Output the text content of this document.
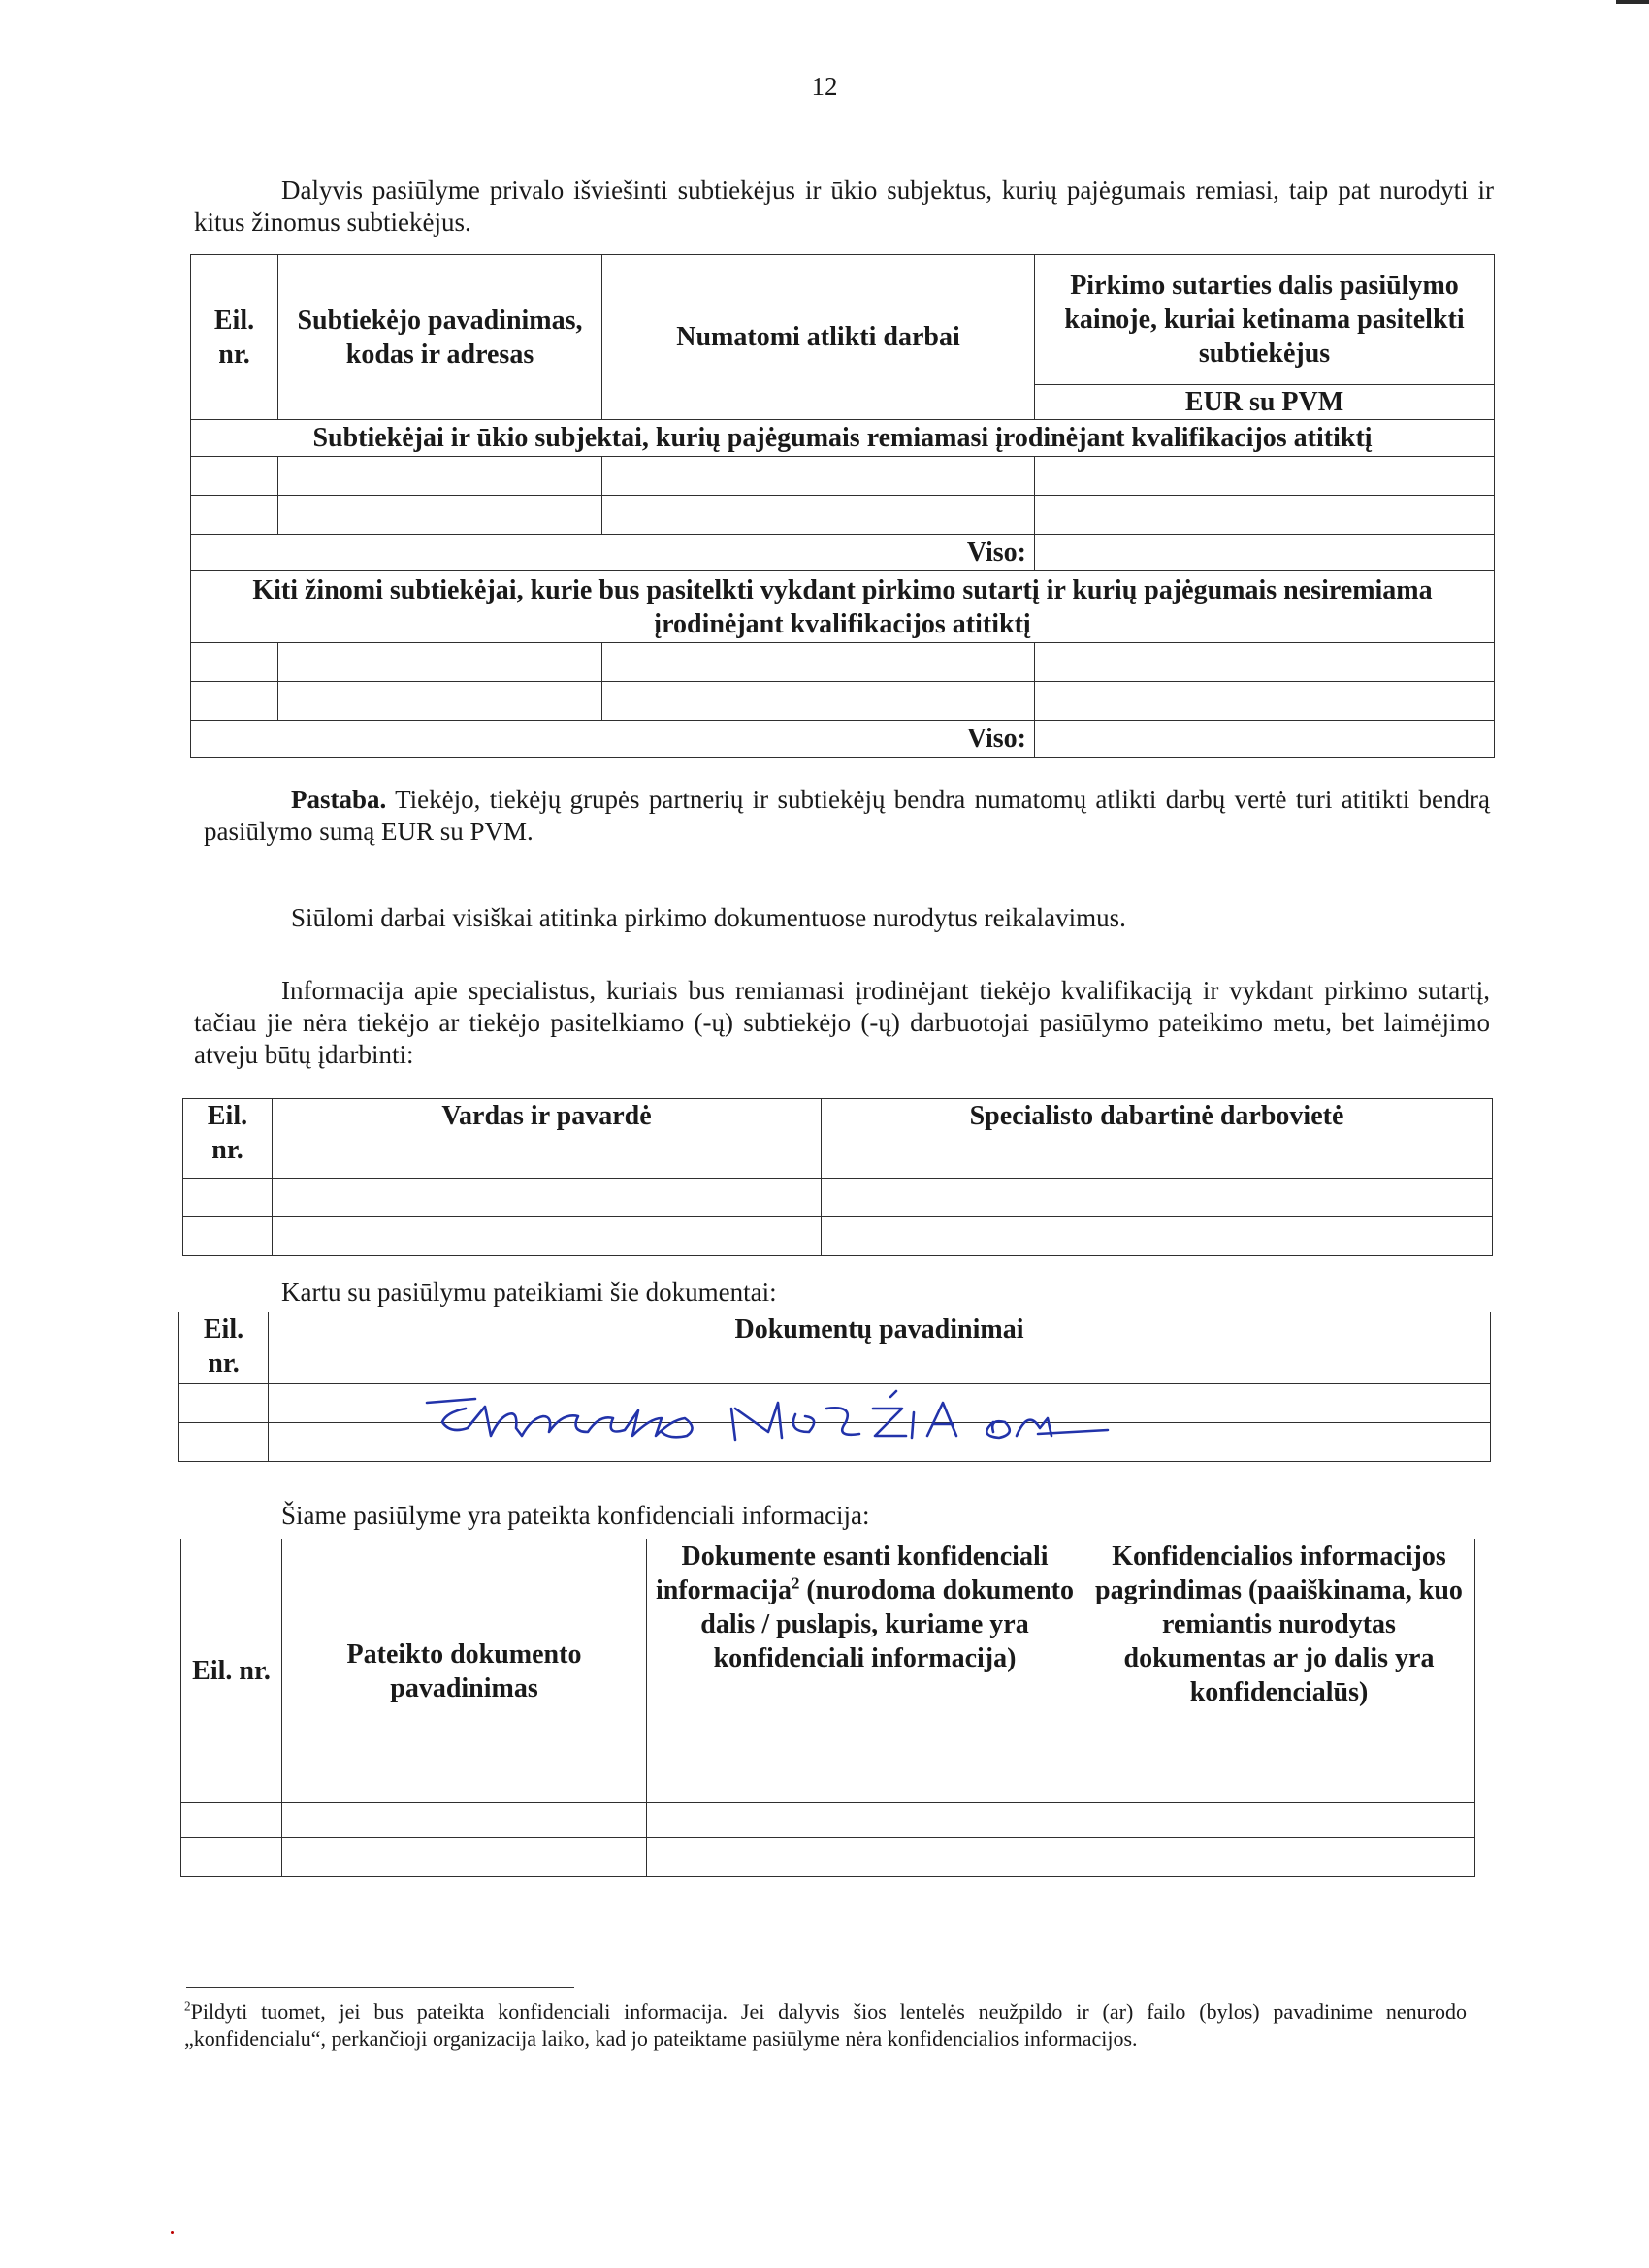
12
Dalyvis pasiūlyme privalo išviešinti subtiekėjus ir ūkio subjektus, kurių pajėgumais remiasi, taip pat nurodyti ir kitus žinomus subtiekėjus.
Eil. nr.	Subtiekėjo pavadinimas, kodas ir adresas	Numatomi atlikti darbai	Pirkimo sutarties dalis pasiūlymo kainoje, kuriai ketinama pasitelkti subtiekėjus	
			EUR su PVM	
Subtiekėjai ir ūkio subjektai, kurių pajėgumais remiamasi įrodinėjant kvalifikacijos atitiktį				

Viso:				
Kiti žinomi subtiekėjai, kurie bus pasitelkti vykdant pirkimo sutartį ir kurių pajėgumais nesiremiama įrodinėjant kvalifikacijos atitiktį				

Viso:				
Pastaba. Tiekėjo, tiekėjų grupės partnerių ir subtiekėjų bendra numatomų atlikti darbų vertė turi atitikti bendrą pasiūlymo sumą EUR su PVM.
Siūlomi darbai visiškai atitinka pirkimo dokumentuose nurodytus reikalavimus.
Informacija apie specialistus, kuriais bus remiamasi įrodinėjant tiekėjo kvalifikaciją ir vykdant pirkimo sutartį, tačiau jie nėra tiekėjo ar tiekėjo pasitelkiamo (-ų) subtiekėjo (-ų) darbuotojai pasiūlymo pateikimo metu, bet laimėjimo atveju būtų įdarbinti:
Eil. nr.	Vardas ir pavardė	Specialisto dabartinė darbovietė

Kartu su pasiūlymu pateikiami šie dokumentai:
Eil. nr.	Dokumentų pavadinimai

Šiame pasiūlyme yra pateikta konfidenciali informacija:
Eil. nr.	Pateikto dokumento pavadinimas	Dokumente esanti konfidenciali informacija$^2$ (nurodoma dokumento dalis / puslapis, kuriame yra konfidenciali informacija)	Konfidencialios informacijos pagrindimas (paaiškinama, kuo remiantis nurodytas dokumentas ar jo dalis yra konfidencialūs)

$^2$Pildyti tuomet, jei bus pateikta konfidenciali informacija. Jei dalyvis šios lentelės neužpildo ir (ar) failo (bylos) pavadinime nenurodo „konfidencialu“, perkančioji organizacija laiko, kad jo pateiktame pasiūlyme nėra konfidencialios informacijos.
